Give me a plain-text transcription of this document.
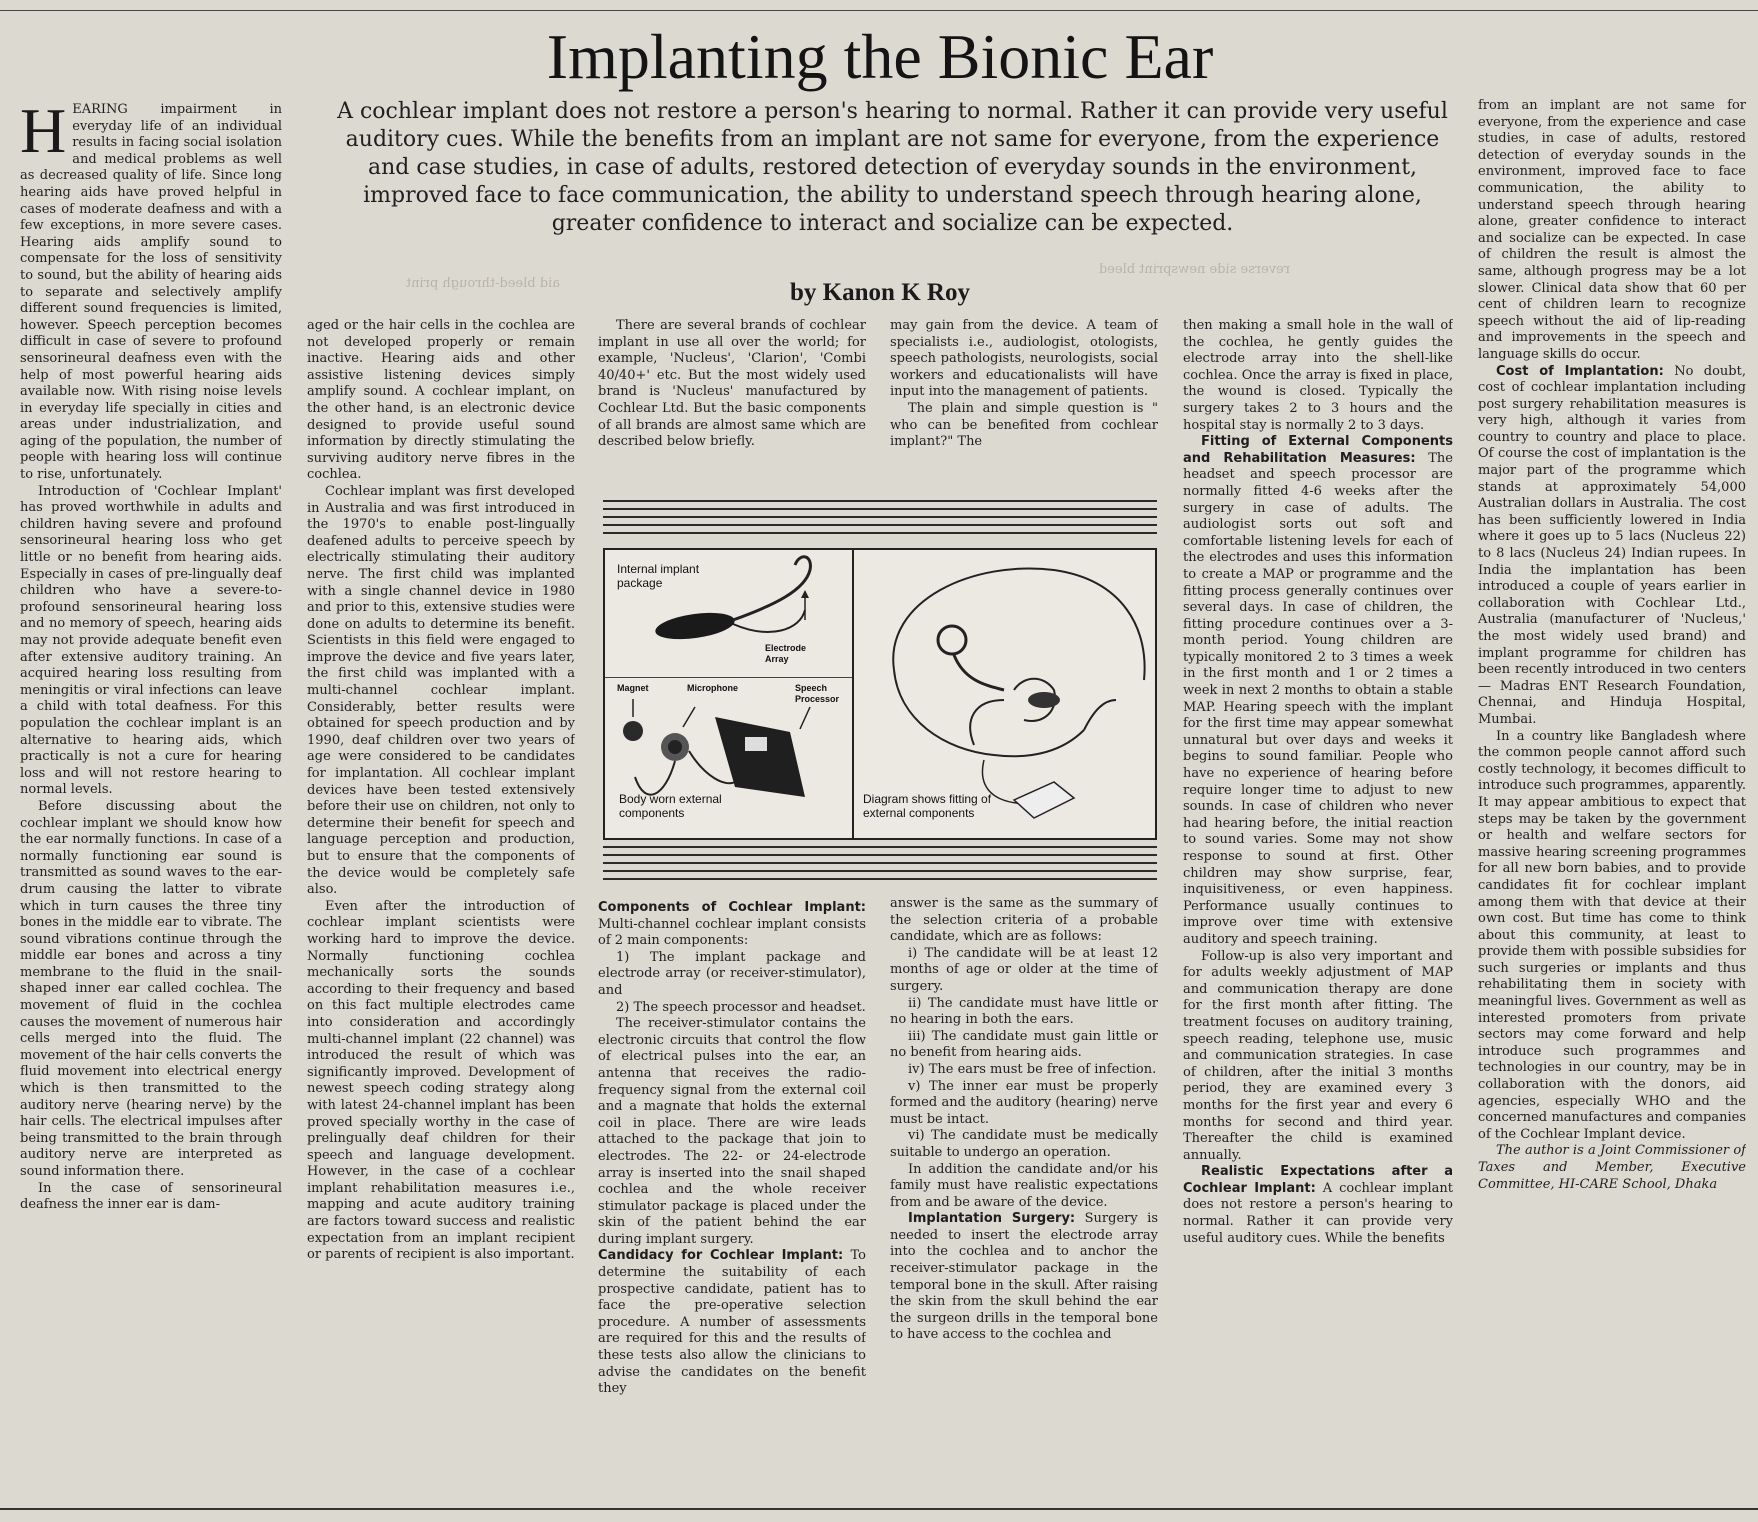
Implanting the Bionic Ear

A cochlear implant does not restore a person's hearing to normal. Rather it can provide very useful auditory cues. While the benefits from an implant are not same for everyone, from the experience and case studies, in case of adults, restored detection of everyday sounds in the environment, improved face to face communication, the ability to understand speech through hearing alone, greater confidence to interact and socialize can be expected.

by Kanon K Roy

aid bleed-through print
reverse side newsprint bleed

HEARING impairment in everyday life of an individual results in facing social isolation and medical problems as well as decreased quality of life. Since long hearing aids have proved helpful in cases of moderate deafness and with a few exceptions, in more severe cases. Hearing aids amplify sound to compensate for the loss of sensitivity to sound, but the ability of hearing aids to separate and selectively amplify different sound frequencies is limited, however. Speech perception becomes difficult in case of severe to profound sensorineural deafness even with the help of most powerful hearing aids available now. With rising noise levels in everyday life specially in cities and areas under industrialization, and aging of the population, the number of people with hearing loss will continue to rise, unfortunately.

Introduction of 'Cochlear Implant' has proved worthwhile in adults and children having severe and profound sensorineural hearing loss who get little or no benefit from hearing aids. Especially in cases of pre-lingually deaf children who have a severe-to-profound sensorineural hearing loss and no memory of speech, hearing aids may not provide adequate benefit even after extensive auditory training. An acquired hearing loss resulting from meningitis or viral infections can leave a child with total deafness. For this population the cochlear implant is an alternative to hearing aids, which practically is not a cure for hearing loss and will not restore hearing to normal levels.

Before discussing about the cochlear implant we should know how the ear normally functions. In case of a normally functioning ear sound is transmitted as sound waves to the ear-drum causing the latter to vibrate which in turn causes the three tiny bones in the middle ear to vibrate. The sound vibrations continue through the middle ear bones and across a tiny membrane to the fluid in the snail-shaped inner ear called cochlea. The movement of fluid in the cochlea causes the movement of numerous hair cells merged into the fluid. The movement of the hair cells converts the fluid movement into electrical energy which is then transmitted to the auditory nerve (hearing nerve) by the hair cells. The electrical impulses after being transmitted to the brain through auditory nerve are interpreted as sound information there.

In the case of sensorineural deafness the inner ear is dam-

aged or the hair cells in the cochlea are not developed properly or remain inactive. Hearing aids and other assistive listening devices simply amplify sound. A cochlear implant, on the other hand, is an electronic device designed to provide useful sound information by directly stimulating the surviving auditory nerve fibres in the cochlea.

Cochlear implant was first developed in Australia and was first introduced in the 1970's to enable post-lingually deafened adults to perceive speech by electrically stimulating their auditory nerve. The first child was implanted with a single channel device in 1980 and prior to this, extensive studies were done on adults to determine its benefit. Scientists in this field were engaged to improve the device and five years later, the first child was implanted with a multi-channel cochlear implant. Considerably, better results were obtained for speech production and by 1990, deaf children over two years of age were considered to be candidates for implantation. All cochlear implant devices have been tested extensively before their use on children, not only to determine their benefit for speech and language perception and production, but to ensure that the components of the device would be completely safe also.

Even after the introduction of cochlear implant scientists were working hard to improve the device. Normally functioning cochlea mechanically sorts the sounds according to their frequency and based on this fact multiple electrodes came into consideration and accordingly multi-channel implant (22 channel) was introduced the result of which was significantly improved. Development of newest speech coding strategy along with latest 24-channel implant has been proved specially worthy in the case of prelingually deaf children for their speech and language development. However, in the case of a cochlear implant rehabilitation measures i.e., mapping and acute auditory training are factors toward success and realistic expectation from an implant recipient or parents of recipient is also important.

There are several brands of cochlear implant in use all over the world; for example, 'Nucleus', 'Clarion', 'Combi 40/40+' etc. But the most widely used brand is 'Nucleus' manufactured by Cochlear Ltd. But the basic components of all brands are almost same which are described below briefly.

may gain from the device. A team of specialists i.e., audiologist, otologists, speech pathologists, neurologists, social workers and educationalists will have input into the management of patients.

The plain and simple question is " who can be benefited from cochlear implant?" The

Internal implant package
Electrode Array
Magnet	Microphone	Speech Processor
Body worn external components
Diagram shows fitting of external components

Components of Cochlear Implant: Multi-channel cochlear implant consists of 2 main components:

1) The implant package and electrode array (or receiver-stimulator), and

2) The speech processor and headset.

The receiver-stimulator contains the electronic circuits that control the flow of electrical pulses into the ear, an antenna that receives the radio-frequency signal from the external coil and a magnate that holds the external coil in place. There are wire leads attached to the package that join to electrodes. The 22- or 24-electrode array is inserted into the snail shaped cochlea and the whole receiver stimulator package is placed under the skin of the patient behind the ear during implant surgery.

Candidacy for Cochlear Implant: To determine the suitability of each prospective candidate, patient has to face the pre-operative selection procedure. A number of assessments are required for this and the results of these tests also allow the clinicians to advise the candidates on the benefit they

answer is the same as the summary of the selection criteria of a probable candidate, which are as follows:

i) The candidate will be at least 12 months of age or older at the time of surgery.

ii) The candidate must have little or no hearing in both the ears.

iii) The candidate must gain little or no benefit from hearing aids.

iv) The ears must be free of infection.

v) The inner ear must be properly formed and the auditory (hearing) nerve must be intact.

vi) The candidate must be medically suitable to undergo an operation.

In addition the candidate and/or his family must have realistic expectations from and be aware of the device.

Implantation Surgery: Surgery is needed to insert the electrode array into the cochlea and to anchor the receiver-stimulator package in the temporal bone in the skull. After raising the skin from the skull behind the ear the surgeon drills in the temporal bone to have access to the cochlea and

then making a small hole in the wall of the cochlea, he gently guides the electrode array into the shell-like cochlea. Once the array is fixed in place, the wound is closed. Typically the surgery takes 2 to 3 hours and the hospital stay is normally 2 to 3 days.

Fitting of External Components and Rehabilitation Measures: The headset and speech processor are normally fitted 4-6 weeks after the surgery in case of adults. The audiologist sorts out soft and comfortable listening levels for each of the electrodes and uses this information to create a MAP or programme and the fitting process generally continues over several days. In case of children, the fitting procedure continues over a 3-month period. Young children are typically monitored 2 to 3 times a week in the first month and 1 or 2 times a week in next 2 months to obtain a stable MAP. Hearing speech with the implant for the first time may appear somewhat unnatural but over days and weeks it begins to sound familiar. People who have no experience of hearing before require longer time to adjust to new sounds. In case of children who never had hearing before, the initial reaction to sound varies. Some may not show response to sound at first. Other children may show surprise, fear, inquisitiveness, or even happiness. Performance usually continues to improve over time with extensive auditory and speech training.

Follow-up is also very important and for adults weekly adjustment of MAP and communication therapy are done for the first month after fitting. The treatment focuses on auditory training, speech reading, telephone use, music and communication strategies. In case of children, after the initial 3 months period, they are examined every 3 months for the first year and every 6 months for second and third year. Thereafter the child is examined annually.

Realistic Expectations after a Cochlear Implant: A cochlear implant does not restore a person's hearing to normal. Rather it can provide very useful auditory cues. While the benefits

from an implant are not same for everyone, from the experience and case studies, in case of adults, restored detection of everyday sounds in the environment, improved face to face communication, the ability to understand speech through hearing alone, greater confidence to interact and socialize can be expected. In case of children the result is almost the same, although progress may be a lot slower. Clinical data show that 60 per cent of children learn to recognize speech without the aid of lip-reading and improvements in the speech and language skills do occur.

Cost of Implantation: No doubt, cost of cochlear implantation including post surgery rehabilitation measures is very high, although it varies from country to country and place to place. Of course the cost of implantation is the major part of the programme which stands at approximately 54,000 Australian dollars in Australia. The cost has been sufficiently lowered in India where it goes up to 5 lacs (Nucleus 22) to 8 lacs (Nucleus 24) Indian rupees. In India the implantation has been introduced a couple of years earlier in collaboration with Cochlear Ltd., Australia (manufacturer of 'Nucleus,' the most widely used brand) and implant programme for children has been recently introduced in two centers — Madras ENT Research Foundation, Chennai, and Hinduja Hospital, Mumbai.

In a country like Bangladesh where the common people cannot afford such costly technology, it becomes difficult to introduce such programmes, apparently. It may appear ambitious to expect that steps may be taken by the government or health and welfare sectors for massive hearing screening programmes for all new born babies, and to provide candidates fit for cochlear implant among them with that device at their own cost. But time has come to think about this community, at least to provide them with possible subsidies for such surgeries or implants and thus rehabilitating them in society with meaningful lives. Government as well as interested promoters from private sectors may come forward and help introduce such programmes and technologies in our country, may be in collaboration with the donors, aid agencies, especially WHO and the concerned manufactures and companies of the Cochlear Implant device.

The author is a Joint Commissioner of Taxes and Member, Executive Committee, HI-CARE School, Dhaka
